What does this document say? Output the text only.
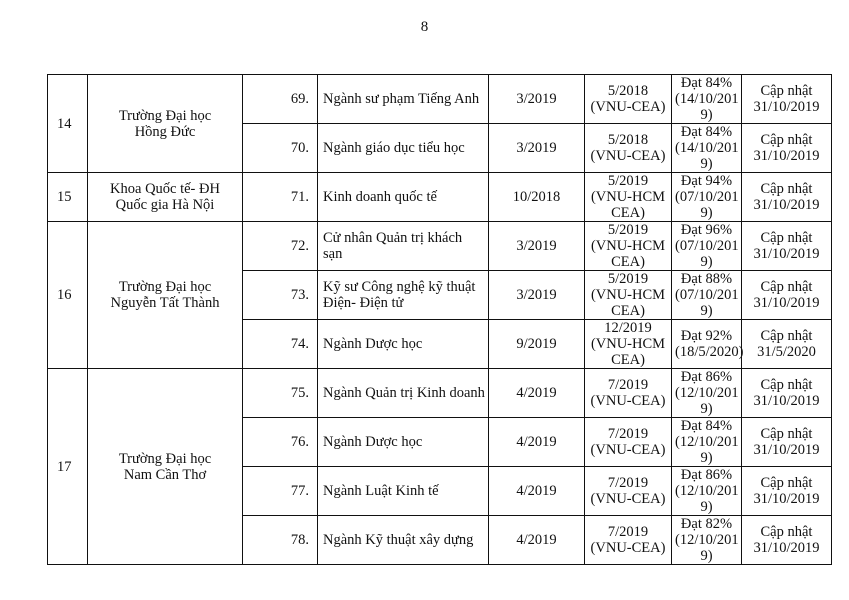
8
14	Trường Đại học
Hồng Đức	69.	Ngành sư phạm Tiếng Anh	3/2019	5/2018
(VNU-CEA)	Đạt 84%
(14/10/201
9)	Cập nhật
31/10/2019

		70.	Ngành giáo dục tiểu học	3/2019	5/2018
(VNU-CEA)	Đạt 84%
(14/10/201
9)	Cập nhật
31/10/2019

15	Khoa Quốc tế- ĐH
Quốc gia Hà Nội	71.	Kinh doanh quốc tế	10/2018	5/2019
(VNU-HCM
CEA)	Đạt 94%
(07/10/201
9)	Cập nhật
31/10/2019

16	Trường Đại học
Nguyễn Tất Thành	72.	Cử nhân Quản trị khách sạn	3/2019	5/2019
(VNU-HCM
CEA)	Đạt 96%
(07/10/201
9)	Cập nhật
31/10/2019

		73.	Kỹ sư Công nghệ kỹ thuật
Điện- Điện tử	3/2019	5/2019
(VNU-HCM
CEA)	Đạt 88%
(07/10/201
9)	Cập nhật
31/10/2019

		74.	Ngành Dược học	9/2019	12/2019
(VNU-HCM
CEA)	Đạt 92%
(18/5/2020)	Cập nhật
31/5/2020

17	Trường Đại học
Nam Cần Thơ	75.	Ngành Quản trị Kinh doanh	4/2019	7/2019
(VNU-CEA)	Đạt 86%
(12/10/201
9)	Cập nhật
31/10/2019

		76.	Ngành Dược học	4/2019	7/2019
(VNU-CEA)	Đạt 84%
(12/10/201
9)	Cập nhật
31/10/2019

		77.	Ngành Luật Kinh tế	4/2019	7/2019
(VNU-CEA)	Đạt 86%
(12/10/201
9)	Cập nhật
31/10/2019

		78.	Ngành Kỹ thuật xây dựng	4/2019	7/2019
(VNU-CEA)	Đạt 82%
(12/10/201
9)	Cập nhật
31/10/2019
